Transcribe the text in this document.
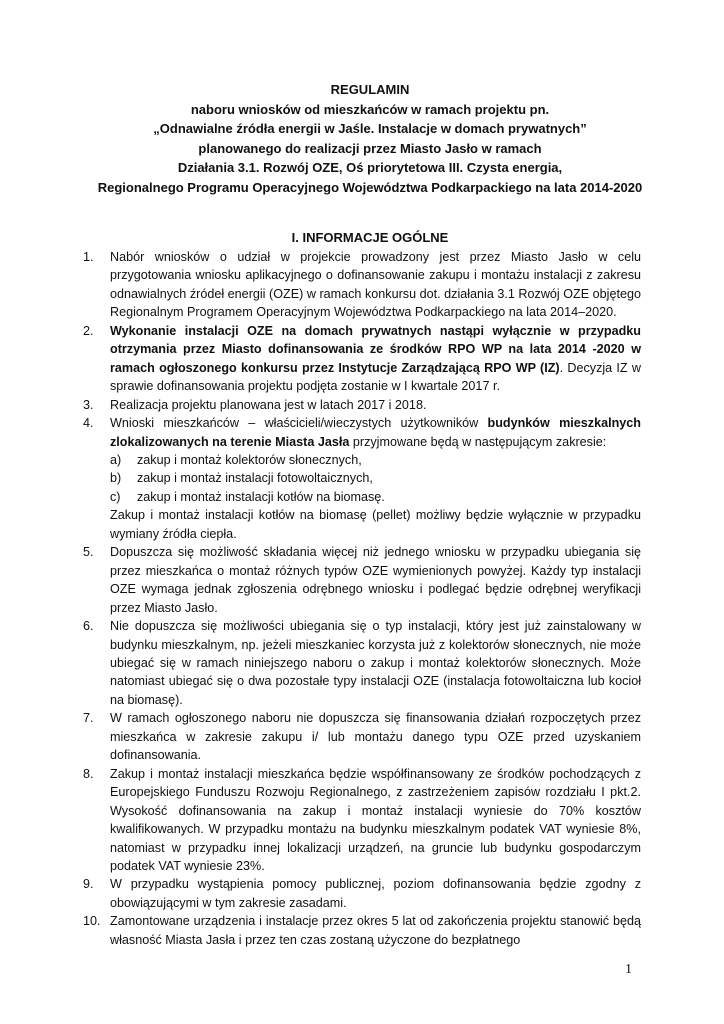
REGULAMIN
naboru wniosków od mieszkańców w ramach projektu pn.
„Odnawialne źródła energii w Jaśle. Instalacje w domach prywatnych”
planowanego do realizacji przez Miasto Jasło w ramach
Działania 3.1. Rozwój OZE, Oś priorytetowa III. Czysta energia,
Regionalnego Programu Operacyjnego Województwa Podkarpackiego na lata 2014-2020
I. INFORMACJE OGÓLNE
1.	Nabór wniosków o udział w projekcie prowadzony jest przez Miasto Jasło w celu przygotowania wniosku aplikacyjnego o dofinansowanie zakupu i montażu instalacji z zakresu odnawialnych źródeł energii (OZE) w ramach konkursu dot. działania 3.1 Rozwój OZE objętego Regionalnym Programem Operacyjnym Województwa Podkarpackiego na lata 2014–2020.
2.	Wykonanie instalacji OZE na domach prywatnych nastąpi wyłącznie w przypadku otrzymania przez Miasto dofinansowania ze środków RPO WP na lata 2014 -2020 w ramach ogłoszonego konkursu przez Instytucje Zarządzającą RPO WP (IZ). Decyzja IZ w sprawie dofinansowania projektu podjęta zostanie w I kwartale 2017 r.
3.	Realizacja projektu planowana jest w latach 2017 i 2018.
4.	Wnioski mieszkańców – właścicieli/wieczystych użytkowników budynków mieszkalnych zlokalizowanych na terenie Miasta Jasła przyjmowane będą w następującym zakresie:
a) zakup i montaż kolektorów słonecznych,
b) zakup i montaż instalacji fotowoltaicznych,
c) zakup i montaż instalacji kotłów na biomasę.
Zakup i montaż instalacji kotłów na biomasę (pellet) możliwy będzie wyłącznie w przypadku wymiany źródła ciepła.
5.	Dopuszcza się możliwość składania więcej niż jednego wniosku w przypadku ubiegania się przez mieszkańca o montaż różnych typów OZE wymienionych powyżej. Każdy typ instalacji OZE wymaga jednak zgłoszenia odrębnego wniosku i podlegać będzie odrębnej weryfikacji przez Miasto Jasło.
6.	Nie dopuszcza się możliwości ubiegania się o typ instalacji, który jest już zainstalowany w budynku mieszkalnym, np. jeżeli mieszkaniec korzysta już z kolektorów słonecznych, nie może ubiegać się w ramach niniejszego naboru o zakup i montaż kolektorów słonecznych. Może natomiast ubiegać się o dwa pozostałe typy instalacji OZE (instalacja fotowoltaiczna lub kocioł na biomasę).
7.	W ramach ogłoszonego naboru nie dopuszcza się finansowania działań rozpoczętych przez mieszkańca w zakresie zakupu i/ lub montażu danego typu OZE przed uzyskaniem dofinansowania.
8.	Zakup i montaż instalacji mieszkańca będzie współfinansowany ze środków pochodzących z Europejskiego Funduszu Rozwoju Regionalnego, z zastrzeżeniem zapisów rozdziału I pkt.2. Wysokość dofinansowania na zakup i montaż instalacji wyniesie do 70% kosztów kwalifikowanych. W przypadku montażu na budynku mieszkalnym podatek VAT wyniesie 8%, natomiast w przypadku innej lokalizacji urządzeń, na gruncie lub budynku gospodarczym podatek VAT wyniesie 23%.
9.	W przypadku wystąpienia pomocy publicznej, poziom dofinansowania będzie zgodny z obowiązującymi w tym zakresie zasadami.
10. Zamontowane urządzenia i instalacje przez okres 5 lat od zakończenia projektu stanowić będą własność Miasta Jasła i przez ten czas zostaną użyczone do bezpłatnego
1
